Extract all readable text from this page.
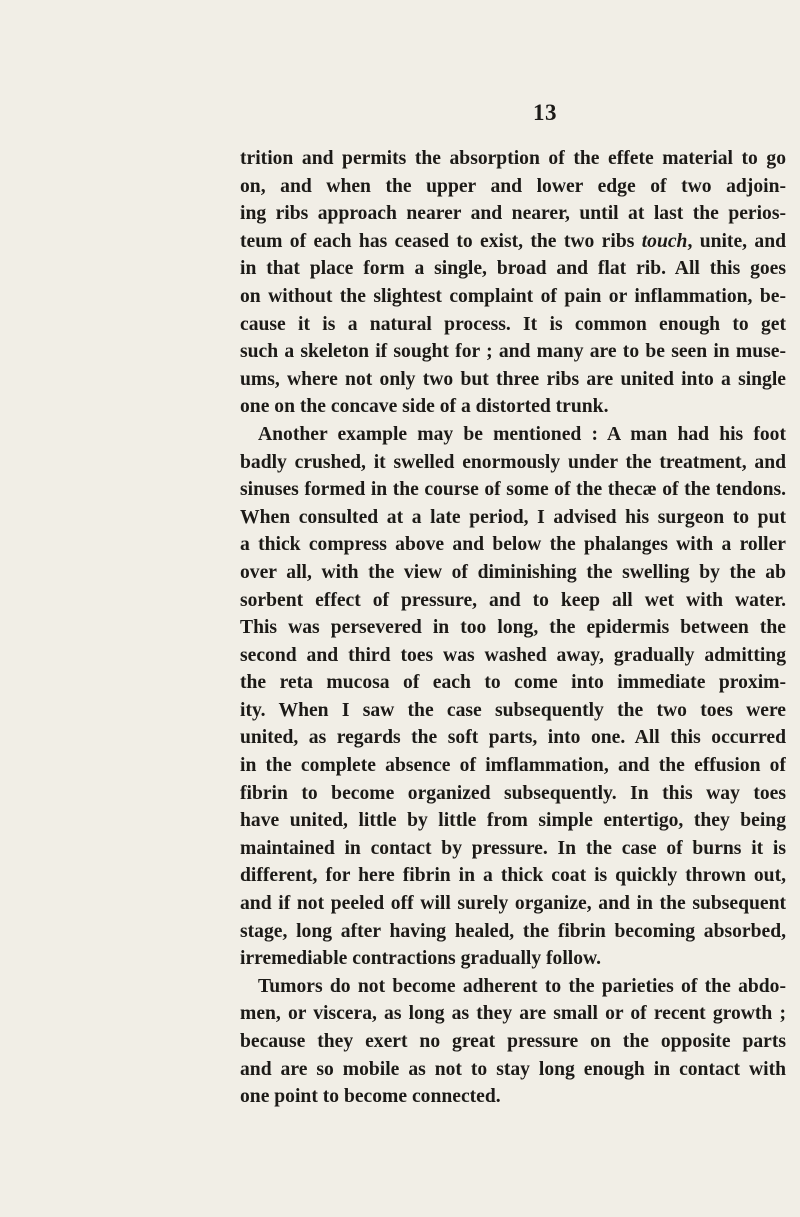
13

trition and permits the absorption of the effete material to go
on, and when the upper and lower edge of two adjoin-
ing ribs approach nearer and nearer, until at last the perios-
teum of each has ceased to exist, the two ribs touch, unite, and
in that place form a single, broad and flat rib. All this goes
on without the slightest complaint of pain or inflammation, be-
cause it is a natural process. It is common enough to get
such a skeleton if sought for ; and many are to be seen in muse-
ums, where not only two but three ribs are united into a single
one on the concave side of a distorted trunk.

Another example may be mentioned : A man had his foot
badly crushed, it swelled enormously under the treatment, and
sinuses formed in the course of some of the thecæ of the tendons.
When consulted at a late period, I advised his surgeon to put
a thick compress above and below the phalanges with a roller
over all, with the view of diminishing the swelling by the ab
sorbent effect of pressure, and to keep all wet with water.
This was persevered in too long, the epidermis between the
second and third toes was washed away, gradually admitting
the reta mucosa of each to come into immediate proxim-
ity. When I saw the case subsequently the two toes were
united, as regards the soft parts, into one. All this occurred
in the complete absence of imflammation, and the effusion of
fibrin to become organized subsequently. In this way toes
have united, little by little from simple entertigo, they being
maintained in contact by pressure. In the case of burns it is
different, for here fibrin in a thick coat is quickly thrown out,
and if not peeled off will surely organize, and in the subsequent
stage, long after having healed, the fibrin becoming absorbed,
irremediable contractions gradually follow.

Tumors do not become adherent to the parieties of the abdo-
men, or viscera, as long as they are small or of recent growth ;
because they exert no great pressure on the opposite parts
and are so mobile as not to stay long enough in contact with
one point to become connected.
